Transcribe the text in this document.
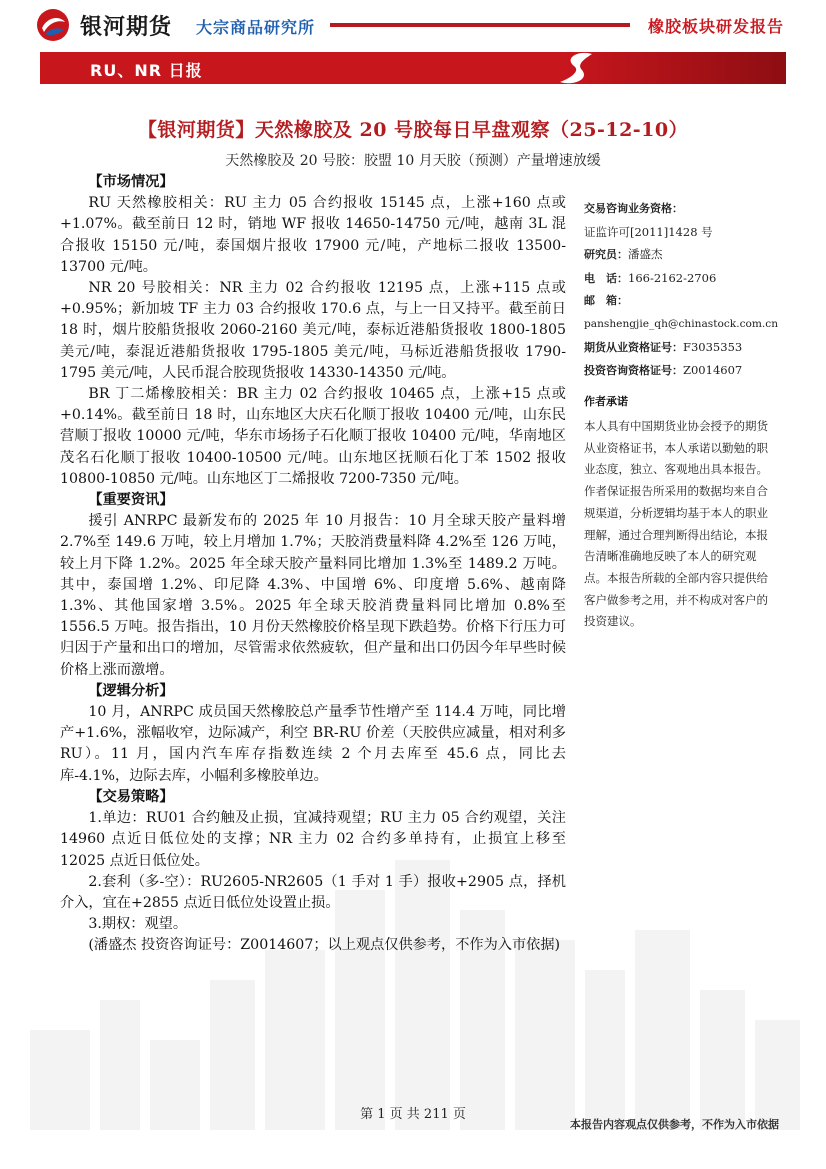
银河期货 大宗商品研究所	橡胶板块研发报告
RU、NR 日报
【银河期货】天然橡胶及 20 号胶每日早盘观察（25-12-10）
天然橡胶及 20 号胶：胶盟 10 月天胶（预测）产量增速放缓
【市场情况】

RU 天然橡胶相关：RU 主力 05 合约报收 15145 点，上涨+160 点或+1.07%。截至前日 12 时，销地 WF 报收 14650-14750 元/吨，越南 3L 混合报收 15150 元/吨，泰国烟片报收 17900 元/吨，产地标二报收 13500-13700 元/吨。

NR 20 号胶相关：NR 主力 02 合约报收 12195 点，上涨+115 点或+0.95%；新加坡 TF 主力 03 合约报收 170.6 点，与上一日又持平。截至前日 18 时，烟片胶船货报收 2060-2160 美元/吨，泰标近港船货报收 1800-1805 美元/吨，泰混近港船货报收 1795-1805 美元/吨，马标近港船货报收 1790-1795 美元/吨，人民币混合胶现货报收 14330-14350 元/吨。

BR 丁二烯橡胶相关：BR 主力 02 合约报收 10465 点，上涨+15 点或+0.14%。截至前日 18 时，山东地区大庆石化顺丁报收 10400 元/吨，山东民营顺丁报收 10000 元/吨，华东市场扬子石化顺丁报收 10400 元/吨，华南地区茂名石化顺丁报收 10400-10500 元/吨。山东地区抚顺石化丁苯 1502 报收 10800-10850 元/吨。山东地区丁二烯报收 7200-7350 元/吨。

【重要资讯】

援引 ANRPC 最新发布的 2025 年 10 月报告：10 月全球天胶产量料增 2.7%至 149.6 万吨，较上月增加 1.7%；天胶消费量料降 4.2%至 126 万吨，较上月下降 1.2%。2025 年全球天胶产量料同比增加 1.3%至 1489.2 万吨。其中，泰国增 1.2%、印尼降 4.3%、中国增 6%、印度增 5.6%、越南降 1.3%、其他国家增 3.5%。2025 年全球天胶消费量料同比增加 0.8%至 1556.5 万吨。报告指出，10 月份天然橡胶价格呈现下跌趋势。价格下行压力可归因于产量和出口的增加，尽管需求依然疲软，但产量和出口仍因今年早些时候价格上涨而激增。

【逻辑分析】

10 月，ANRPC 成员国天然橡胶总产量季节性增产至 114.4 万吨，同比增产+1.6%，涨幅收窄，边际减产，利空 BR-RU 价差（天胶供应减量，相对利多 RU）。11 月，国内汽车库存指数连续 2 个月去库至 45.6 点，同比去库-4.1%，边际去库，小幅利多橡胶单边。

【交易策略】

1.单边：RU01 合约触及止损，宜减持观望；RU 主力 05 合约观望，关注 14960 点近日低位处的支撑；NR 主力 02 合约多单持有，止损宜上移至 12025 点近日低位处。

2.套利（多-空）：RU2605-NR2605（1 手对 1 手）报收+2905 点，择机介入，宜在+2855 点近日低位处设置止损。

3.期权：观望。

(潘盛杰 投资咨询证号：Z0014607；以上观点仅供参考，不作为入市依据)

交易咨询业务资格：
证监许可[2011]1428 号
研究员：潘盛杰
电　话：166-2162-2706
邮　箱：
panshengjie_qh@chinastock.com.cn
期货从业资格证号：F3035353
投资咨询资格证号：Z0014607
作者承诺
本人具有中国期货业协会授予的期货从业资格证书，本人承诺以勤勉的职业态度，独立、客观地出具本报告。作者保证报告所采用的数据均来自合规渠道，分析逻辑均基于本人的职业理解，通过合理判断得出结论，本报告清晰准确地反映了本人的研究观点。本报告所载的全部内容只提供给客户做参考之用，并不构成对客户的投资建议。
第 1 页 共 211 页
本报告内容观点仅供参考，不作为入市依据
